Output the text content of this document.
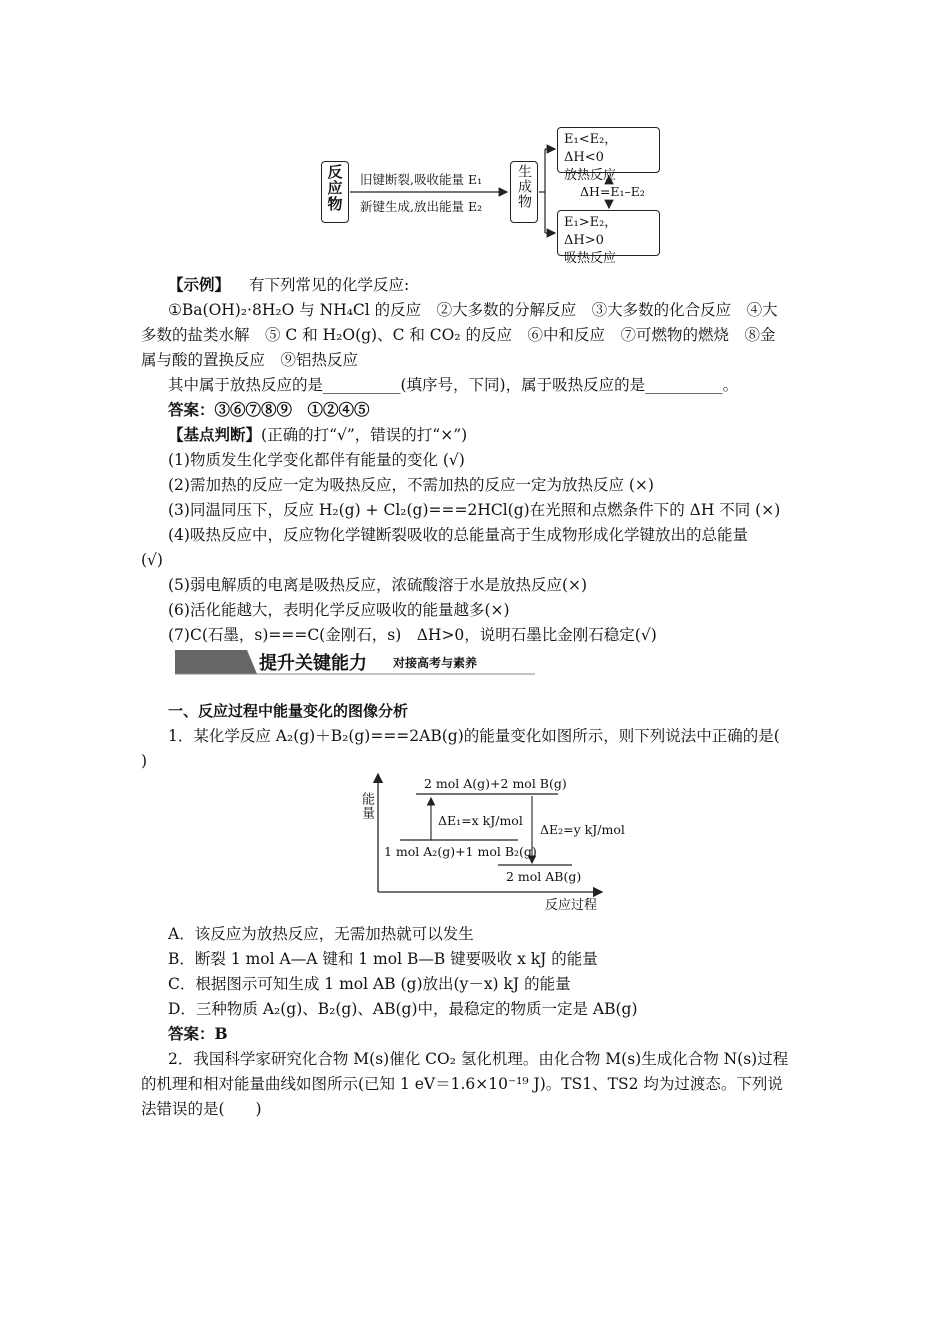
反应物 旧键断裂,吸收能量 E₁
新键生成,放出能量 E₂ 生成物
E₁<E₂，ΔH<0
放热反应
ΔH=E₁–E₂
E₁>E₂，ΔH>0
吸热反应
【示例】 有下列常见的化学反应:
①Ba(OH)₂·8H₂O 与 NH₄Cl 的反应　②大多数的分解反应　③大多数的化合反应　④大
多数的盐类水解　⑤ C 和 H₂O(g)、C 和 CO₂ 的反应　⑥中和反应　⑦可燃物的燃烧　⑧金
属与酸的置换反应　⑨铝热反应
其中属于放热反应的是__________(填序号，下同)，属于吸热反应的是__________。
答案：③⑥⑦⑧⑨　①②④⑤
【基点判断】(正确的打“√”，错误的打“×”)
(1)物质发生化学变化都伴有能量的变化 (√)
(2)需加热的反应一定为吸热反应，不需加热的反应一定为放热反应 (×)
(3)同温同压下，反应 H₂(g) + Cl₂(g)===2HCl(g)在光照和点燃条件下的 ΔH 不同 (×)
(4)吸热反应中，反应物化学键断裂吸收的总能量高于生成物形成化学键放出的总能量
(√)
(5)弱电解质的电离是吸热反应，浓硫酸溶于水是放热反应(×)
(6)活化能越大，表明化学反应吸收的能量越多(×)
(7)C(石墨，s)===C(金刚石，s)　ΔH>0，说明石墨比金刚石稳定(√)
提升关键能力 对接高考与素养
一、反应过程中能量变化的图像分析
1．某化学反应 A₂(g)＋B₂(g)===2AB(g)的能量变化如图所示，则下列说法中正确的是(
)
能量
反应过程
2 mol A(g)+2 mol B(g)
1 mol A₂(g)+1 mol B₂(g)
2 mol AB(g)
ΔE₁=x kJ/mol
ΔE₂=y kJ/mol
A．该反应为放热反应，无需加热就可以发生
B．断裂 1 mol A—A 键和 1 mol B—B 键要吸收 x kJ 的能量
C．根据图示可知生成 1 mol AB (g)放出(y－x) kJ 的能量
D．三种物质 A₂(g)、B₂(g)、AB(g)中，最稳定的物质一定是 AB(g)
答案：B
2．我国科学家研究化合物 M(s)催化 CO₂ 氢化机理。由化合物 M(s)生成化合物 N(s)过程
的机理和相对能量曲线如图所示(已知 1 eV＝1.6×10⁻¹⁹ J)。TS1、TS2 均为过渡态。下列说
法错误的是(　　)
